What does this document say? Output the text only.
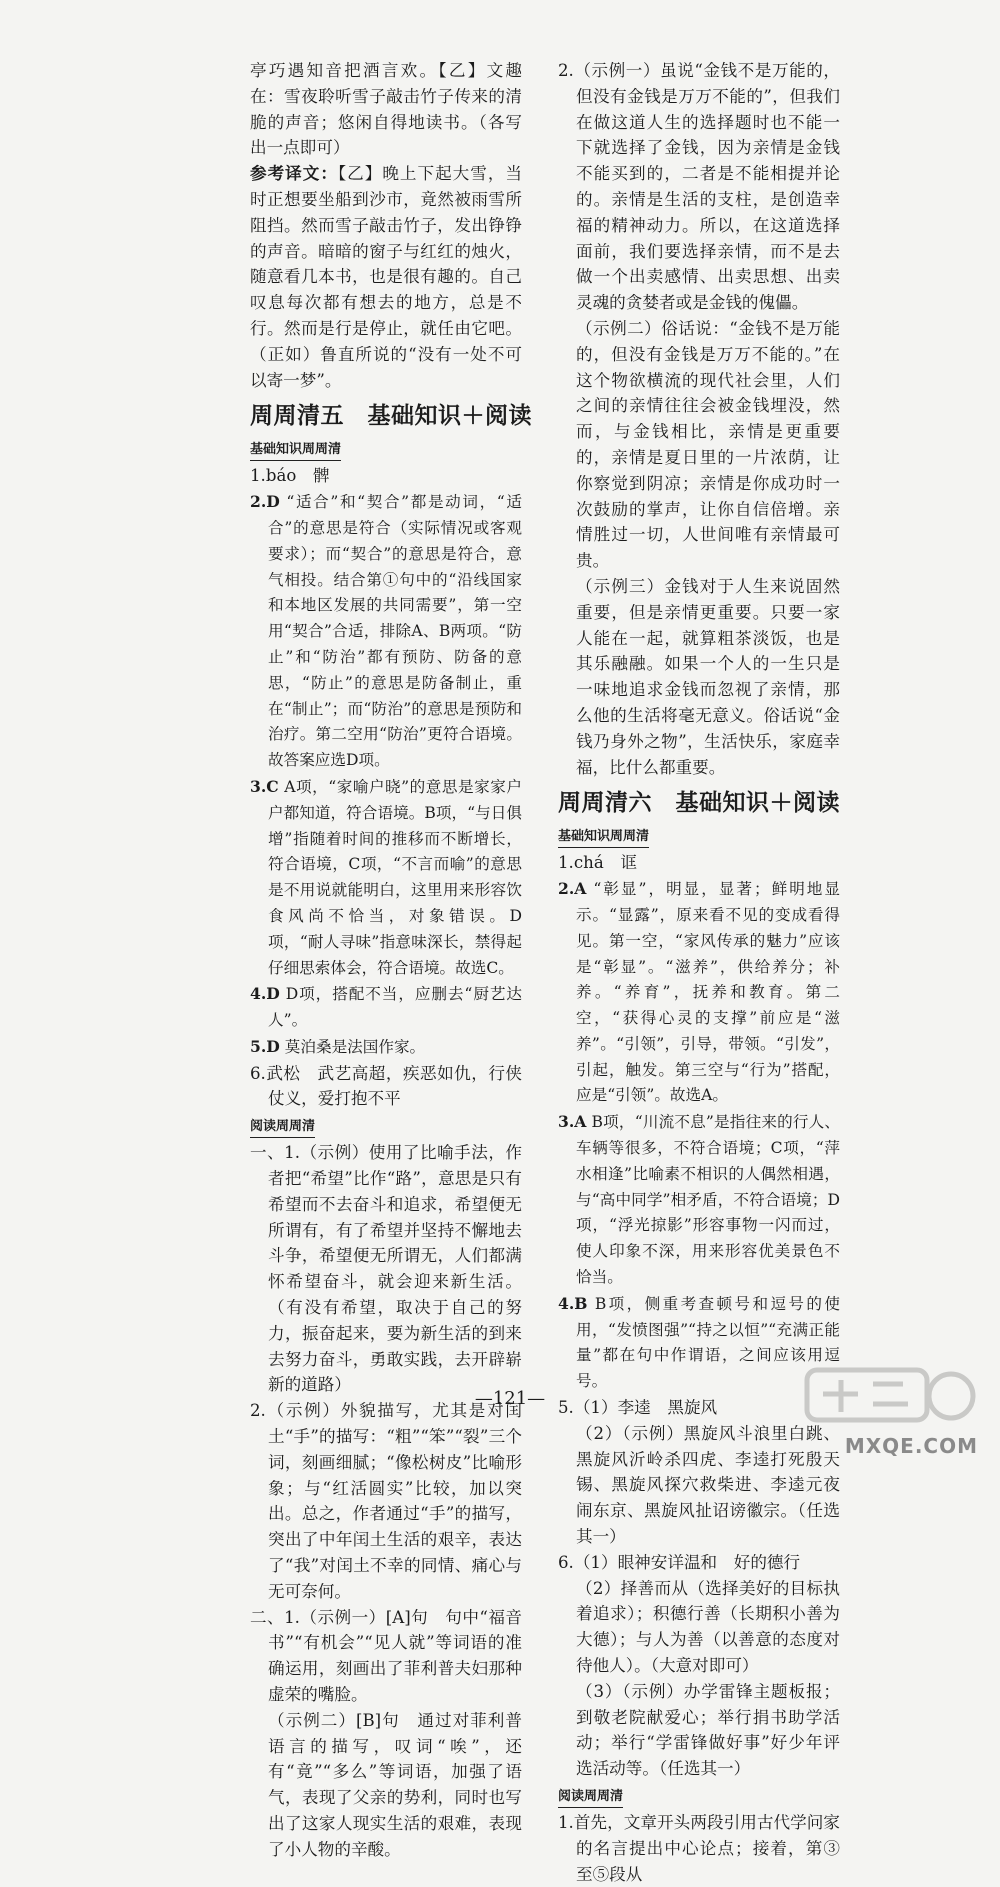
亭巧遇知音把酒言欢。【乙】文趣在：雪夜聆听雪子敲击竹子传来的清脆的声音；悠闲自得地读书。（各写出一点即可）

参考译文：【乙】晚上下起大雪，当时正想要坐船到沙市，竟然被雨雪所阻挡。然而雪子敲击竹子，发出铮铮的声音。暗暗的窗子与红红的烛火，随意看几本书，也是很有趣的。自己叹息每次都有想去的地方，总是不行。然而是行是停止，就任由它吧。（正如）鲁直所说的“没有一处不可以寄一梦”。

周周清五　基础知识＋阅读
基础知识周周清

1.báo　髀

2.D “适合”和“契合”都是动词，“适合”的意思是符合（实际情况或客观要求）；而“契合”的意思是符合，意气相投。结合第①句中的“沿线国家和本地区发展的共同需要”，第一空用“契合”合适，排除A、B两项。“防止”和“防治”都有预防、防备的意思，“防止”的意思是防备制止，重在“制止”；而“防治”的意思是预防和治疗。第二空用“防治”更符合语境。故答案应选D项。

3.C A项，“家喻户晓”的意思是家家户户都知道，符合语境。B项，“与日俱增”指随着时间的推移而不断增长，符合语境，C项，“不言而喻”的意思是不用说就能明白，这里用来形容饮食风尚不恰当，对象错误。D项，“耐人寻味”指意味深长，禁得起仔细思索体会，符合语境。故选C。

4.D D项，搭配不当，应删去“厨艺达人”。

5.D 莫泊桑是法国作家。

6.武松　武艺高超，疾恶如仇，行侠仗义，爱打抱不平

阅读周周清

一、1.（示例）使用了比喻手法，作者把“希望”比作“路”，意思是只有希望而不去奋斗和追求，希望便无所谓有，有了希望并坚持不懈地去斗争，希望便无所谓无，人们都满怀希望奋斗，就会迎来新生活。（有没有希望，取决于自己的努力，振奋起来，要为新生活的到来去努力奋斗，勇敢实践，去开辟崭新的道路）

2.（示例）外貌描写，尤其是对闰土“手”的描写：“粗”“笨”“裂”三个词，刻画细腻；“像松树皮”比喻形象；与“红活圆实”比较，加以突出。总之，作者通过“手”的描写，突出了中年闰土生活的艰辛，表达了“我”对闰土不幸的同情、痛心与无可奈何。

二、1.（示例一）[A]句　句中“福音书”“有机会”“见人就”等词语的准确运用，刻画出了菲利普夫妇那种虚荣的嘴脸。

（示例二）[B]句　通过对菲利普语言的描写，叹词“唉”，还有“竟”“多么”等词语，加强了语气，表现了父亲的势利，同时也写出了这家人现实生活的艰难，表现了小人物的辛酸。

2.（示例一）虽说“金钱不是万能的，但没有金钱是万万不能的”，但我们在做这道人生的选择题时也不能一下就选择了金钱，因为亲情是金钱不能买到的，二者是不能相提并论的。亲情是生活的支柱，是创造幸福的精神动力。所以，在这道选择面前，我们要选择亲情，而不是去做一个出卖感情、出卖思想、出卖灵魂的贪婪者或是金钱的傀儡。

（示例二）俗话说：“金钱不是万能的，但没有金钱是万万不能的。”在这个物欲横流的现代社会里，人们之间的亲情往往会被金钱埋没，然而，与金钱相比，亲情是更重要的，亲情是夏日里的一片浓荫，让你察觉到阴凉；亲情是你成功时一次鼓励的掌声，让你自信倍增。亲情胜过一切，人世间唯有亲情最可贵。

（示例三）金钱对于人生来说固然重要，但是亲情更重要。只要一家人能在一起，就算粗茶淡饭，也是其乐融融。如果一个人的一生只是一味地追求金钱而忽视了亲情，那么他的生活将毫无意义。俗话说“金钱乃身外之物”，生活快乐，家庭幸福，比什么都重要。

周周清六　基础知识＋阅读
基础知识周周清

1.chá　诓

2.A “彰显”，明显，显著；鲜明地显示。“显露”，原来看不见的变成看得见。第一空，“家风传承的魅力”应该是“彰显”。“滋养”，供给养分；补养。“养育”，抚养和教育。第二空，“获得心灵的支撑”前应是“滋养”。“引领”，引导，带领。“引发”，引起，触发。第三空与“行为”搭配，应是“引领”。故选A。

3.A B项，“川流不息”是指往来的行人、车辆等很多，不符合语境；C项，“萍水相逢”比喻素不相识的人偶然相遇，与“高中同学”相矛盾，不符合语境；D项，“浮光掠影”形容事物一闪而过，使人印象不深，用来形容优美景色不恰当。

4.B B项，侧重考查顿号和逗号的使用，“发愤图强”“持之以恒”“充满正能量”都在句中作谓语，之间应该用逗号。

5.（1）李逵　黑旋风

（2）（示例）黑旋风斗浪里白跳、黑旋风沂岭杀四虎、李逵打死殷天锡、黑旋风探穴救柴进、李逵元夜闹东京、黑旋风扯诏谤徽宗。（任选其一）

6.（1）眼神安详温和　好的德行

（2）择善而从（选择美好的目标执着追求）；积德行善（长期积小善为大德）；与人为善（以善意的态度对待他人）。（大意对即可）

（3）（示例）办学雷锋主题板报；到敬老院献爱心；举行捐书助学活动；举行“学雷锋做好事”好少年评选活动等。（任选其一）

阅读周周清

1.首先，文章开头两段引用古代学问家的名言提出中心论点；接着，第③至⑤段从

—121—
MXQE.COM
